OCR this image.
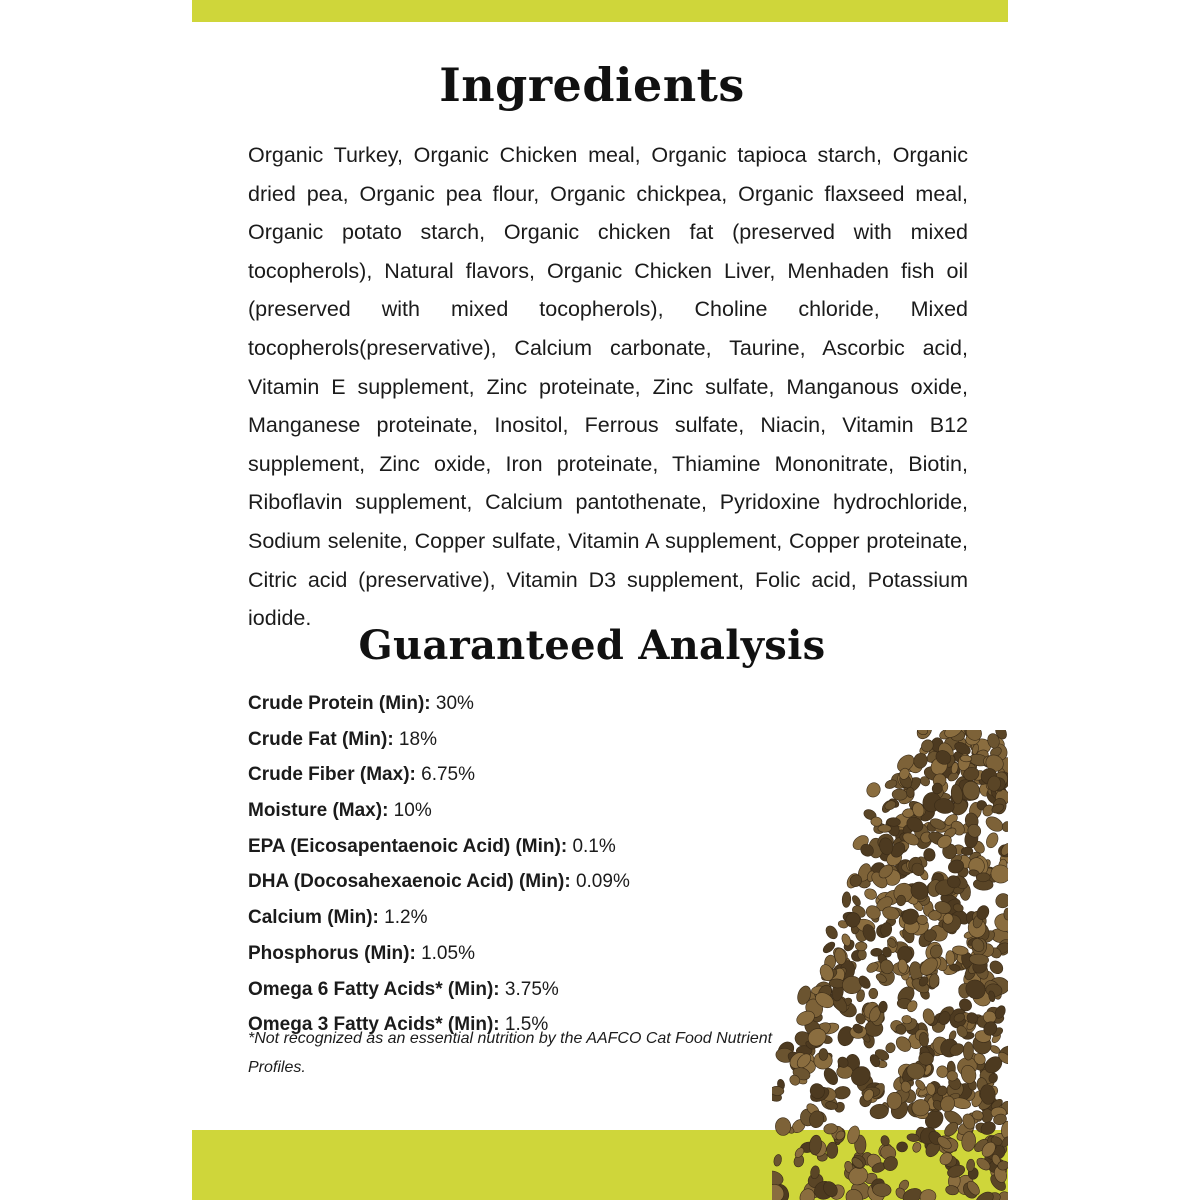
Ingredients

Organic Turkey, Organic Chicken meal, Organic tapioca starch, Organic dried pea, Organic pea flour, Organic chickpea, Organic flaxseed meal, Organic potato starch, Organic chicken fat (preserved with mixed tocopherols), Natural flavors, Organic Chicken Liver, Menhaden fish oil (preserved with mixed tocopherols), Choline chloride, Mixed tocopherols(preservative), Calcium carbonate, Taurine, Ascorbic acid, Vitamin E supplement, Zinc proteinate, Zinc sulfate, Manganous oxide, Manganese proteinate, Inositol, Ferrous sulfate, Niacin, Vitamin B12 supplement, Zinc oxide, Iron proteinate, Thiamine Mononitrate, Biotin, Riboflavin supplement, Calcium pantothenate, Pyridoxine hydrochloride, Sodium selenite, Copper sulfate, Vitamin A supplement, Copper proteinate, Citric acid (preservative), Vitamin D3 supplement, Folic acid, Potassium iodide.

Guaranteed Analysis
Crude Protein (Min): 30%
Crude Fat (Min): 18%
Crude Fiber (Max): 6.75%
Moisture (Max): 10%
EPA (Eicosapentaenoic Acid) (Min): 0.1%
DHA (Docosahexaenoic Acid) (Min): 0.09%
Calcium (Min): 1.2%
Phosphorus (Min): 1.05%
Omega 6 Fatty Acids* (Min): 3.75%
Omega 3 Fatty Acids* (Min): 1.5%

*Not recognized as an essential nutrition by the AAFCO Cat Food Nutrient Profiles.
